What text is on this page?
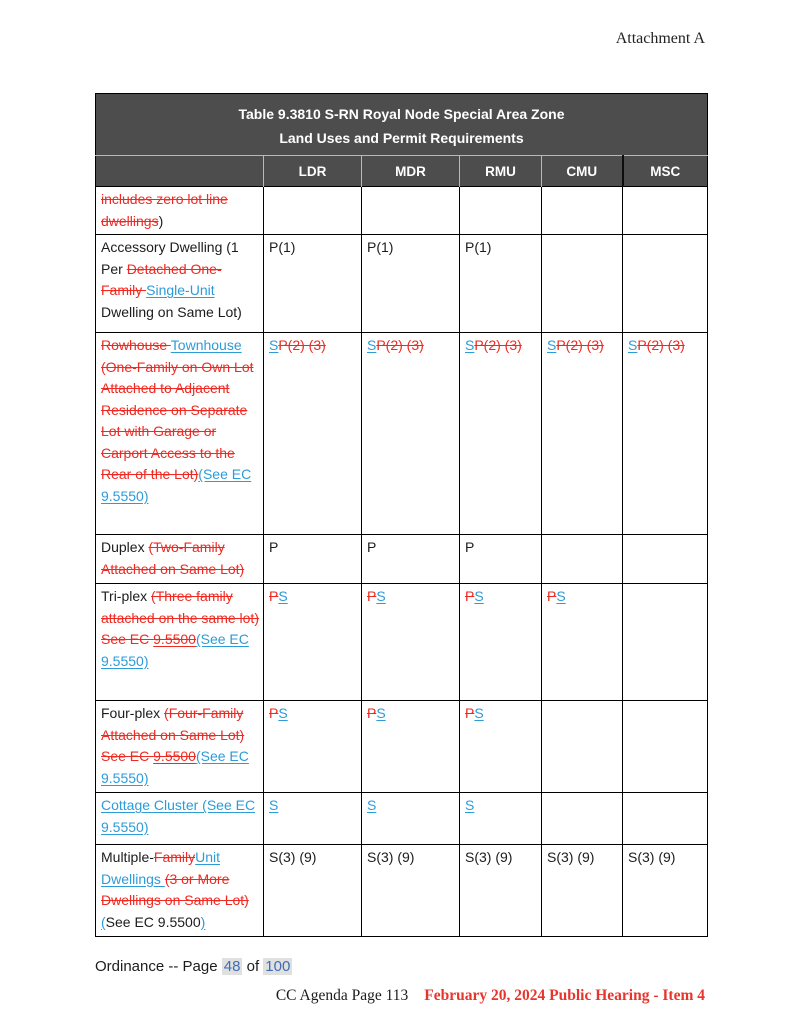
Attachment A
Table 9.3810 S-RN Royal Node Special Area Zone
Land Uses and Permit Requirements					

	LDR	MDR	RMU	CMU	MSC
includes zero lot line dwellings)					
Accessory Dwelling (1 Per Detached One-Family Single-Unit Dwelling on Same Lot)	P(1)	P(1)	P(1)		
Rowhouse Townhouse (One-Family on Own Lot Attached to Adjacent Residence on Separate Lot with Garage or Carport Access to the Rear of the Lot)(See EC 9.5550)	SP(2) (3)	SP(2) (3)	SP(2) (3)	SP(2) (3)	SP(2) (3)
Duplex (Two-Family Attached on Same Lot)	P	P	P		
Tri-plex (Three family attached on the same lot) See EC 9.5500(See EC 9.5550)	PS	PS	PS	PS	
Four-plex (Four-Family Attached on Same Lot) See EC 9.5500(See EC 9.5550)	PS	PS	PS		
Cottage Cluster (See EC 9.5550)	S	S	S		
Multiple-FamilyUnit Dwellings (3 or More Dwellings on Same Lot) (See EC 9.5500)	S(3) (9)	S(3) (9)	S(3) (9)	S(3) (9)	S(3) (9)
Ordinance -- Page 48 of 100
CC Agenda Page 113 February 20, 2024 Public Hearing - Item 4
